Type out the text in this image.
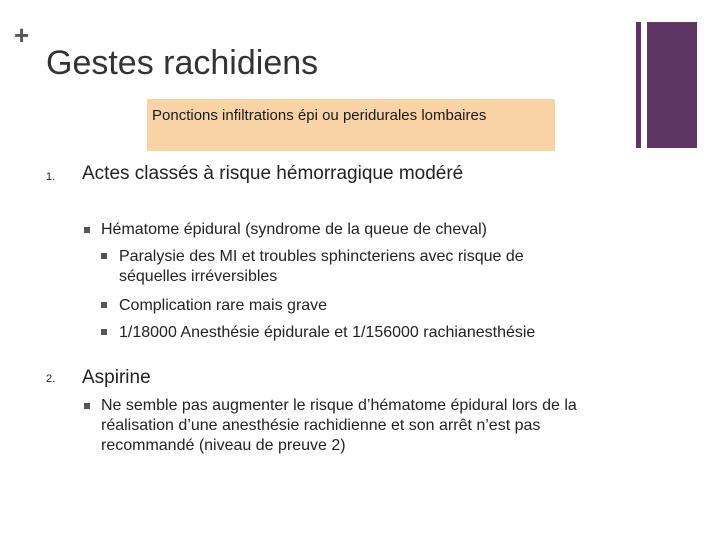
+
Gestes rachidiens
Ponctions infiltrations épi ou peridurales lombaires
1. Actes classés à risque hémorragique modéré
Hématome épidural (syndrome de la queue de cheval)
Paralysie des MI et troubles sphincteriens avec risque de séquelles irréversibles
Complication rare mais grave
1/18000 Anesthésie épidurale et 1/156000 rachianesthésie
2. Aspirine
Ne semble pas augmenter le risque d’hématome épidural lors de la réalisation d’une anesthésie rachidienne et son arrêt n’est pas recommandé (niveau de preuve 2)
